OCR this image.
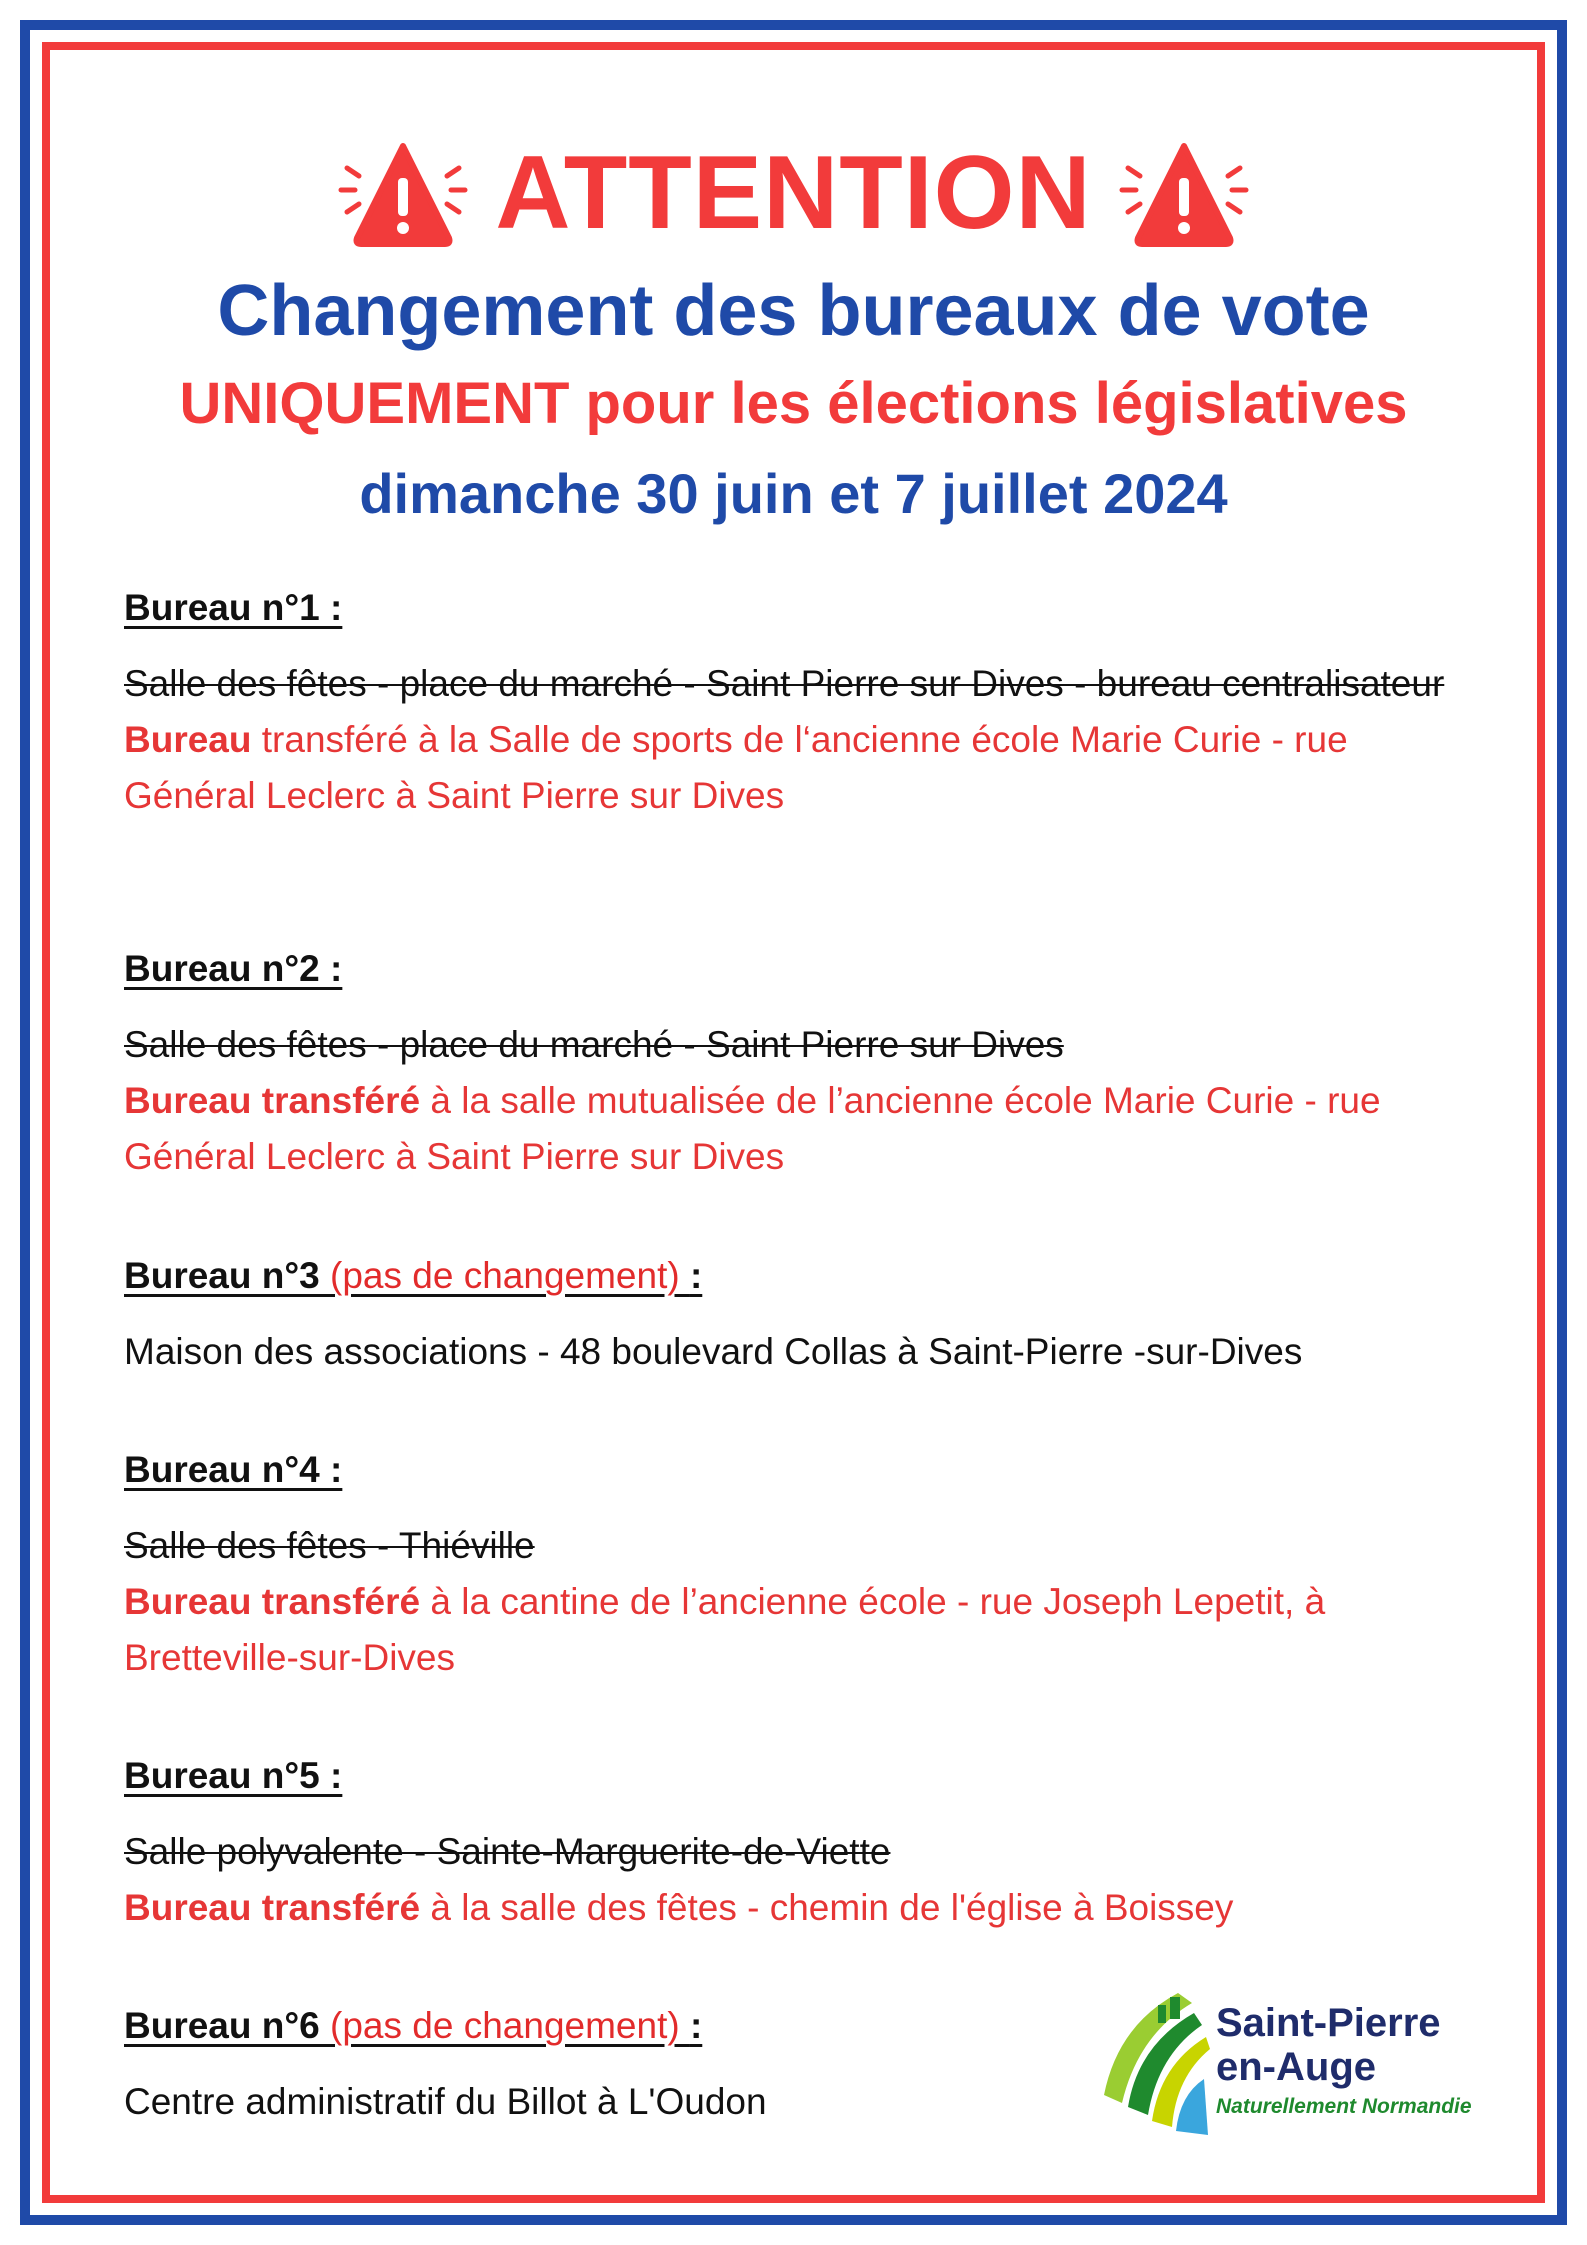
ATTENTION
Changement des bureaux de vote
UNIQUEMENT pour les élections législatives
dimanche 30 juin et 7 juillet 2024
Bureau n°1 :
Salle des fêtes - place du marché - Saint Pierre sur Dives - bureau centralisateur
Bureau transféré à la Salle de sports de l‘ancienne école Marie Curie - rue Général Leclerc à Saint Pierre sur Dives
Bureau n°2 :
Salle des fêtes - place du marché - Saint Pierre sur Dives
Bureau transféré à la salle mutualisée de l’ancienne école Marie Curie - rue Général Leclerc à Saint Pierre sur Dives
Bureau n°3 (pas de changement) :
Maison des associations - 48 boulevard Collas à Saint-Pierre -sur-Dives
Bureau n°4 :
Salle des fêtes - Thiéville
Bureau transféré à la cantine de l’ancienne école - rue Joseph Lepetit, à Bretteville-sur-Dives
Bureau n°5 :
Salle polyvalente - Sainte-Marguerite-de-Viette
Bureau transféré à la salle des fêtes - chemin de l'église à Boissey
Bureau n°6 (pas de changement) :
Centre administratif du Billot à L'Oudon
Saint-Pierre
en-Auge
Naturellement Normandie
